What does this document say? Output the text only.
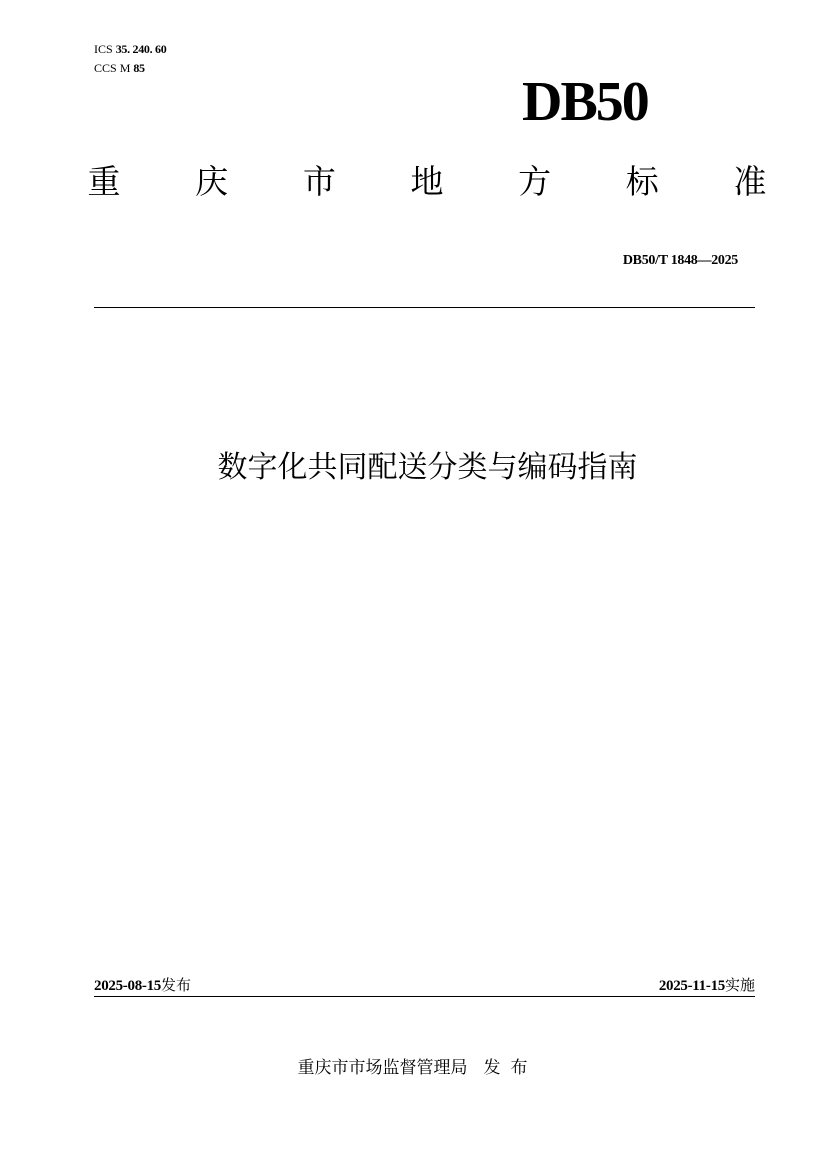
ICS 35. 240. 60
CCS M 85
DB50
重 庆 市 地 方 标 准
DB50/T 1848—2025
数字化共同配送分类与编码指南
2025-08-15发布	2025-11-15实施
重庆市市场监督管理局 发布
